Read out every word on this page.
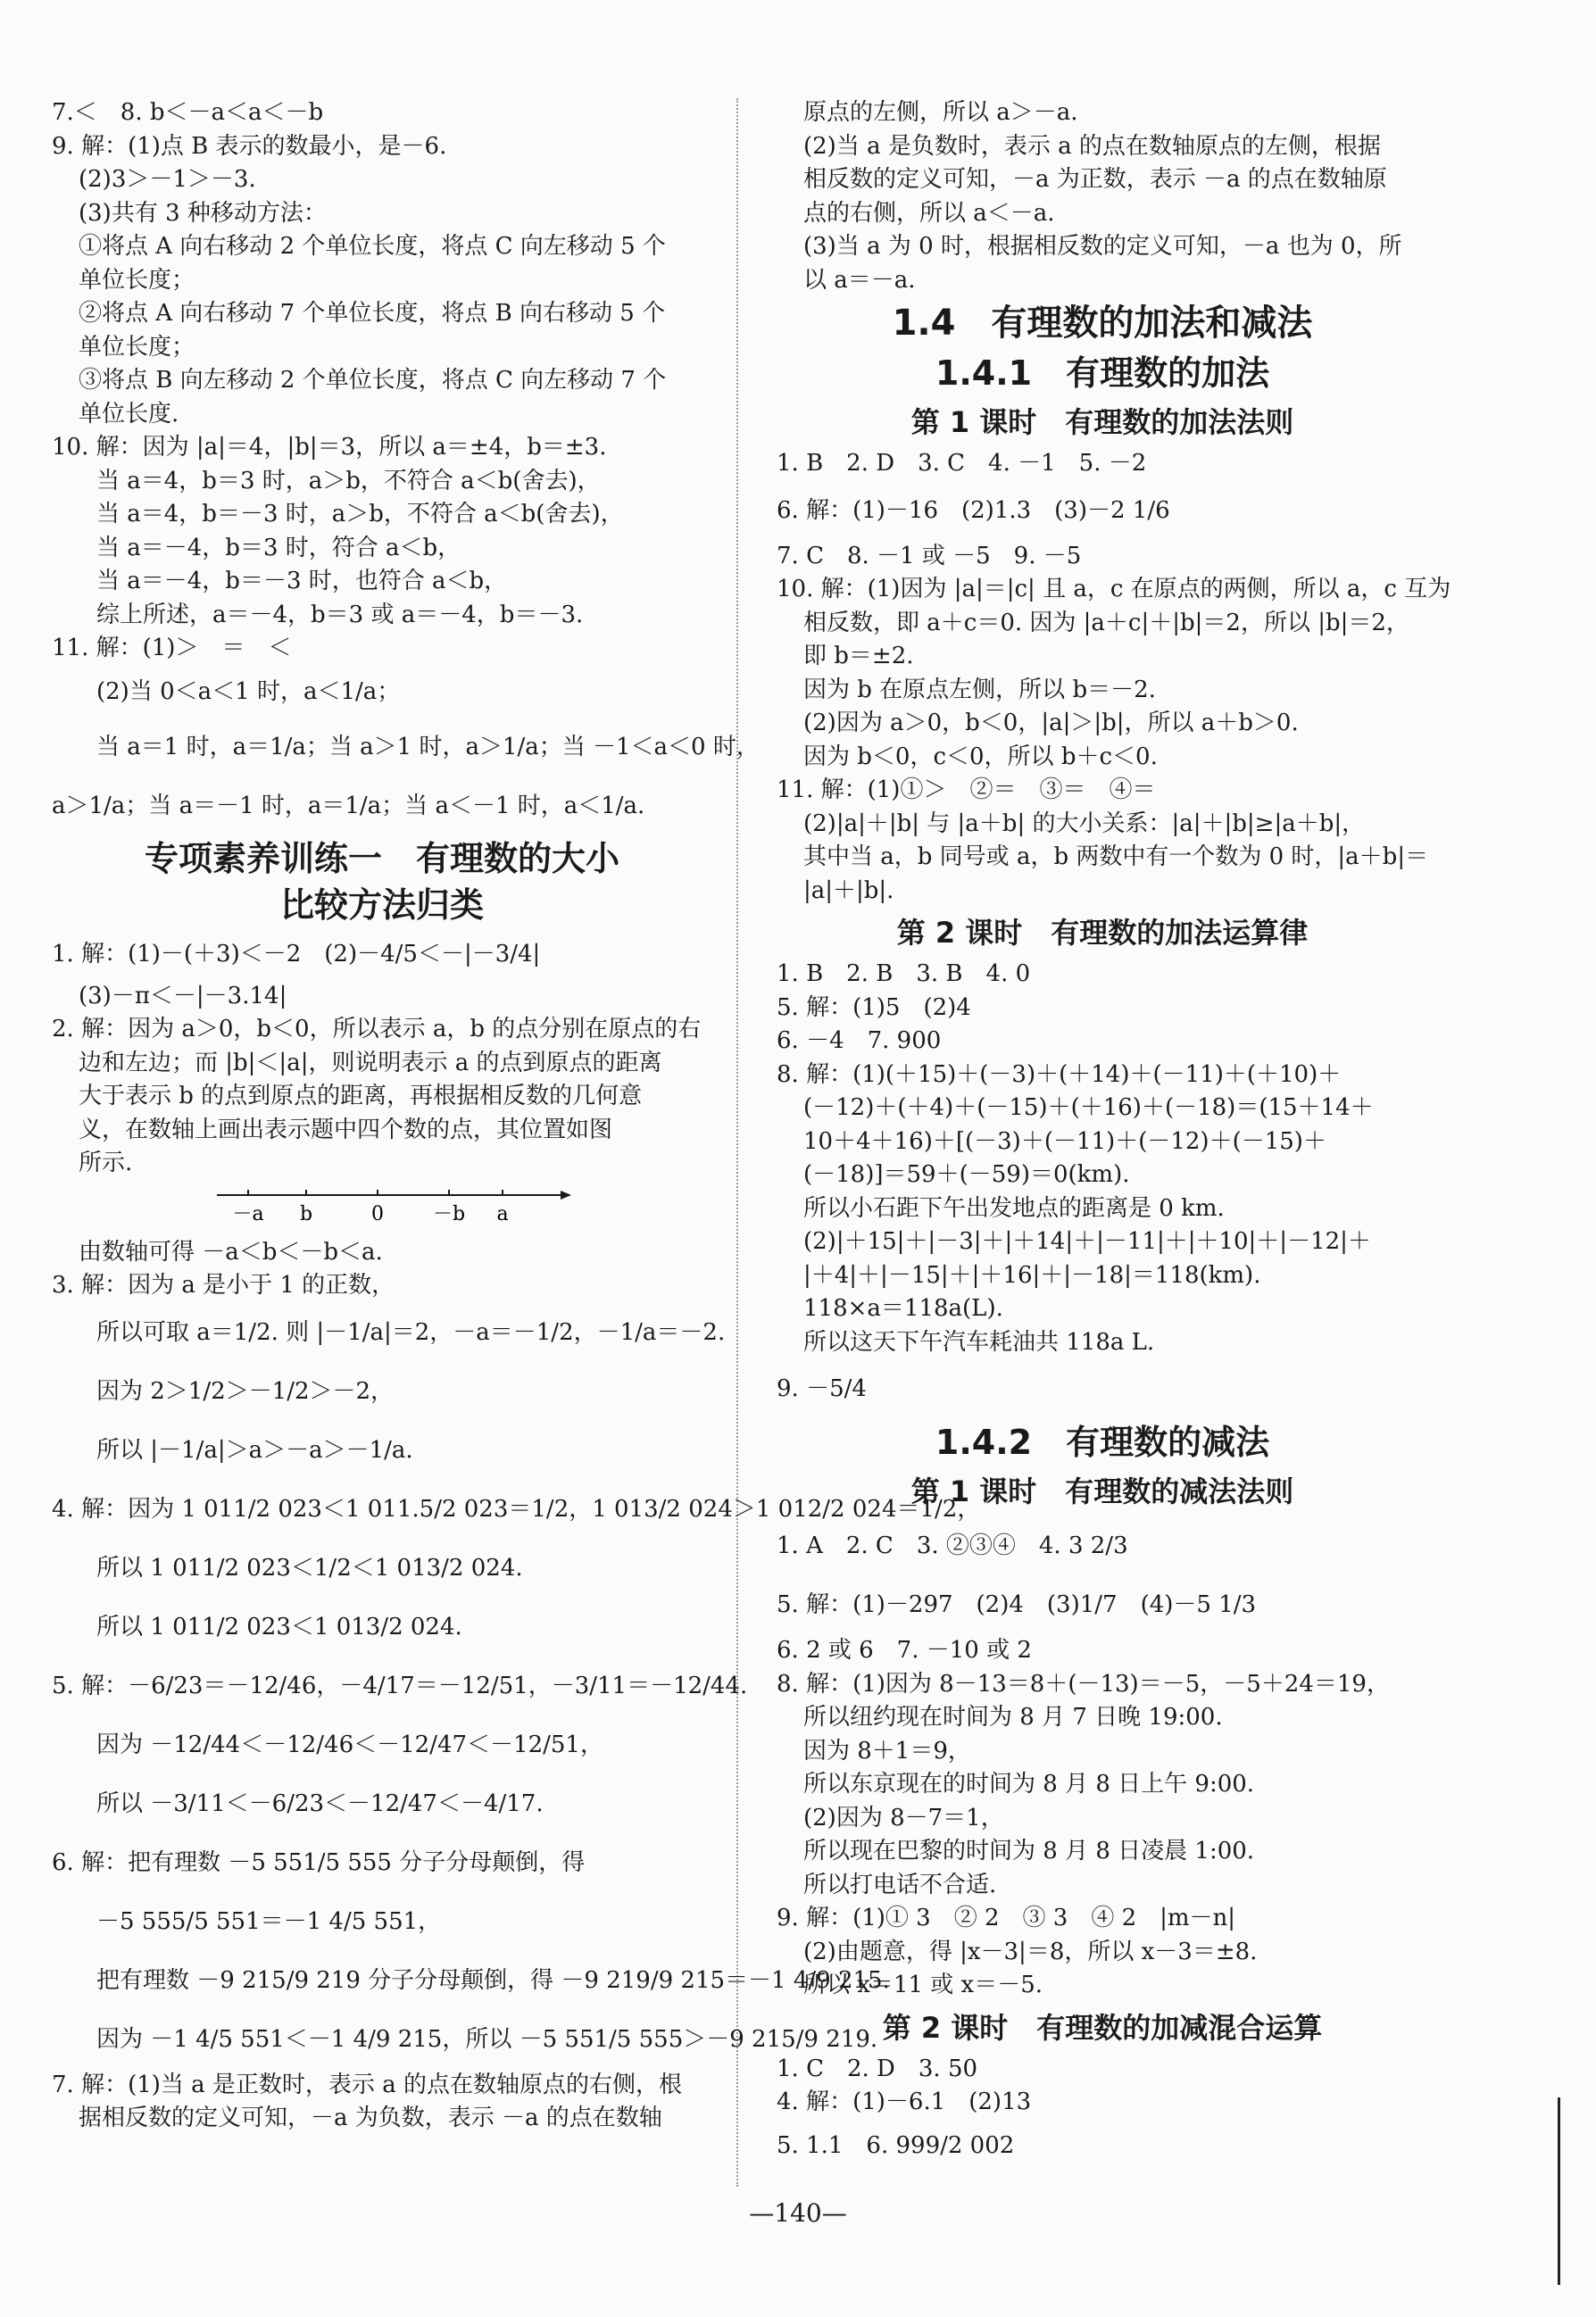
7.＜　8. b＜－a＜a＜－b
9. 解：(1)点 B 表示的数最小，是－6.
(2)3＞－1＞－3.
(3)共有 3 种移动方法：
①将点 A 向右移动 2 个单位长度，将点 C 向左移动 5 个
单位长度；
②将点 A 向右移动 7 个单位长度，将点 B 向右移动 5 个
单位长度；
③将点 B 向左移动 2 个单位长度，将点 C 向左移动 7 个
单位长度.
10. 解：因为 |a|＝4，|b|＝3，所以 a＝±4，b＝±3.
当 a＝4，b＝3 时，a＞b，不符合 a＜b(舍去)，
当 a＝4，b＝－3 时，a＞b，不符合 a＜b(舍去)，
当 a＝－4，b＝3 时，符合 a＜b，
当 a＝－4，b＝－3 时，也符合 a＜b，
综上所述，a＝－4，b＝3 或 a＝－4，b＝－3.
11. 解：(1)＞　＝　＜
(2)当 0＜a＜1 时，a＜1/a；
当 a＝1 时，a＝1/a；当 a＞1 时，a＞1/a；当 －1＜a＜0 时，
a＞1/a；当 a＝－1 时，a＝1/a；当 a＜－1 时，a＜1/a.
专项素养训练一　有理数的大小
比较方法归类
1. 解：(1)－(＋3)＜－2　(2)－4/5＜－|－3/4|
(3)－π＜－|－3.14|
2. 解：因为 a＞0，b＜0，所以表示 a，b 的点分别在原点的右
边和左边；而 |b|＜|a|，则说明表示 a 的点到原点的距离
大于表示 b 的点到原点的距离，再根据相反数的几何意
义，在数轴上画出表示题中四个数的点，其位置如图
所示.
－a b	0 －b a
由数轴可得 －a＜b＜－b＜a.
3. 解：因为 a 是小于 1 的正数，
所以可取 a＝1/2. 则 |－1/a|＝2，－a＝－1/2，－1/a＝－2.
因为 2＞1/2＞－1/2＞－2，
所以 |－1/a|＞a＞－a＞－1/a.
4. 解：因为 1 011/2 023＜1 011.5/2 023＝1/2，1 013/2 024＞1 012/2 024＝1/2，
所以 1 011/2 023＜1/2＜1 013/2 024.
所以 1 011/2 023＜1 013/2 024.
5. 解：－6/23＝－12/46，－4/17＝－12/51，－3/11＝－12/44.
因为 －12/44＜－12/46＜－12/47＜－12/51，
所以 －3/11＜－6/23＜－12/47＜－4/17.
6. 解：把有理数 －5 551/5 555 分子分母颠倒，得
－5 555/5 551＝－1 4/5 551，
把有理数 －9 215/9 219 分子分母颠倒，得 －9 219/9 215＝－1 4/9 215.
因为 －1 4/5 551＜－1 4/9 215，所以 －5 551/5 555＞－9 215/9 219.
7. 解：(1)当 a 是正数时，表示 a 的点在数轴原点的右侧，根
据相反数的定义可知，－a 为负数，表示 －a 的点在数轴
原点的左侧，所以 a＞－a.
(2)当 a 是负数时，表示 a 的点在数轴原点的左侧，根据
相反数的定义可知，－a 为正数，表示 －a 的点在数轴原
点的右侧，所以 a＜－a.
(3)当 a 为 0 时，根据相反数的定义可知，－a 也为 0，所
以 a＝－a.
1.4　有理数的加法和减法
1.4.1　有理数的加法
第 1 课时　有理数的加法法则
1. B　2. D　3. C　4. －1　5. －2
6. 解：(1)－16　(2)1.3　(3)－2 1/6
7. C　8. －1 或 －5　9. －5
10. 解：(1)因为 |a|＝|c| 且 a，c 在原点的两侧，所以 a，c 互为
相反数，即 a＋c＝0. 因为 |a＋c|＋|b|＝2，所以 |b|＝2，
即 b＝±2.
因为 b 在原点左侧，所以 b＝－2.
(2)因为 a＞0，b＜0，|a|＞|b|，所以 a＋b＞0.
因为 b＜0，c＜0，所以 b＋c＜0.
11. 解：(1)①＞　②＝　③＝　④＝
(2)|a|＋|b| 与 |a＋b| 的大小关系：|a|＋|b|≥|a＋b|，
其中当 a，b 同号或 a，b 两数中有一个数为 0 时，|a＋b|＝
|a|＋|b|.
第 2 课时　有理数的加法运算律
1. B　2. B　3. B　4. 0
5. 解：(1)5　(2)4
6. －4　7. 900
8. 解：(1)(＋15)＋(－3)＋(＋14)＋(－11)＋(＋10)＋
(－12)＋(＋4)＋(－15)＋(＋16)＋(－18)＝(15＋14＋
10＋4＋16)＋[(－3)＋(－11)＋(－12)＋(－15)＋
(－18)]＝59＋(－59)＝0(km).
所以小石距下午出发地点的距离是 0 km.
(2)|＋15|＋|－3|＋|＋14|＋|－11|＋|＋10|＋|－12|＋
|＋4|＋|－15|＋|＋16|＋|－18|＝118(km).
118×a＝118a(L).
所以这天下午汽车耗油共 118a L.
9. －5/4
1.4.2　有理数的减法
第 1 课时　有理数的减法法则
1. A　2. C　3. ②③④　4. 3 2/3
5. 解：(1)－297　(2)4　(3)1/7　(4)－5 1/3
6. 2 或 6　7. －10 或 2
8. 解：(1)因为 8－13＝8＋(－13)＝－5，－5＋24＝19，
所以纽约现在时间为 8 月 7 日晚 19:00.
因为 8＋1＝9，
所以东京现在的时间为 8 月 8 日上午 9:00.
(2)因为 8－7＝1，
所以现在巴黎的时间为 8 月 8 日凌晨 1:00.
所以打电话不合适.
9. 解：(1)① 3　② 2　③ 3　④ 2　|m－n|
(2)由题意，得 |x－3|＝8，所以 x－3＝±8.
所以 x＝11 或 x＝－5.
第 2 课时　有理数的加减混合运算
1. C　2. D　3. 50
4. 解：(1)－6.1　(2)13
5. 1.1　6. 999/2 002
—140—
